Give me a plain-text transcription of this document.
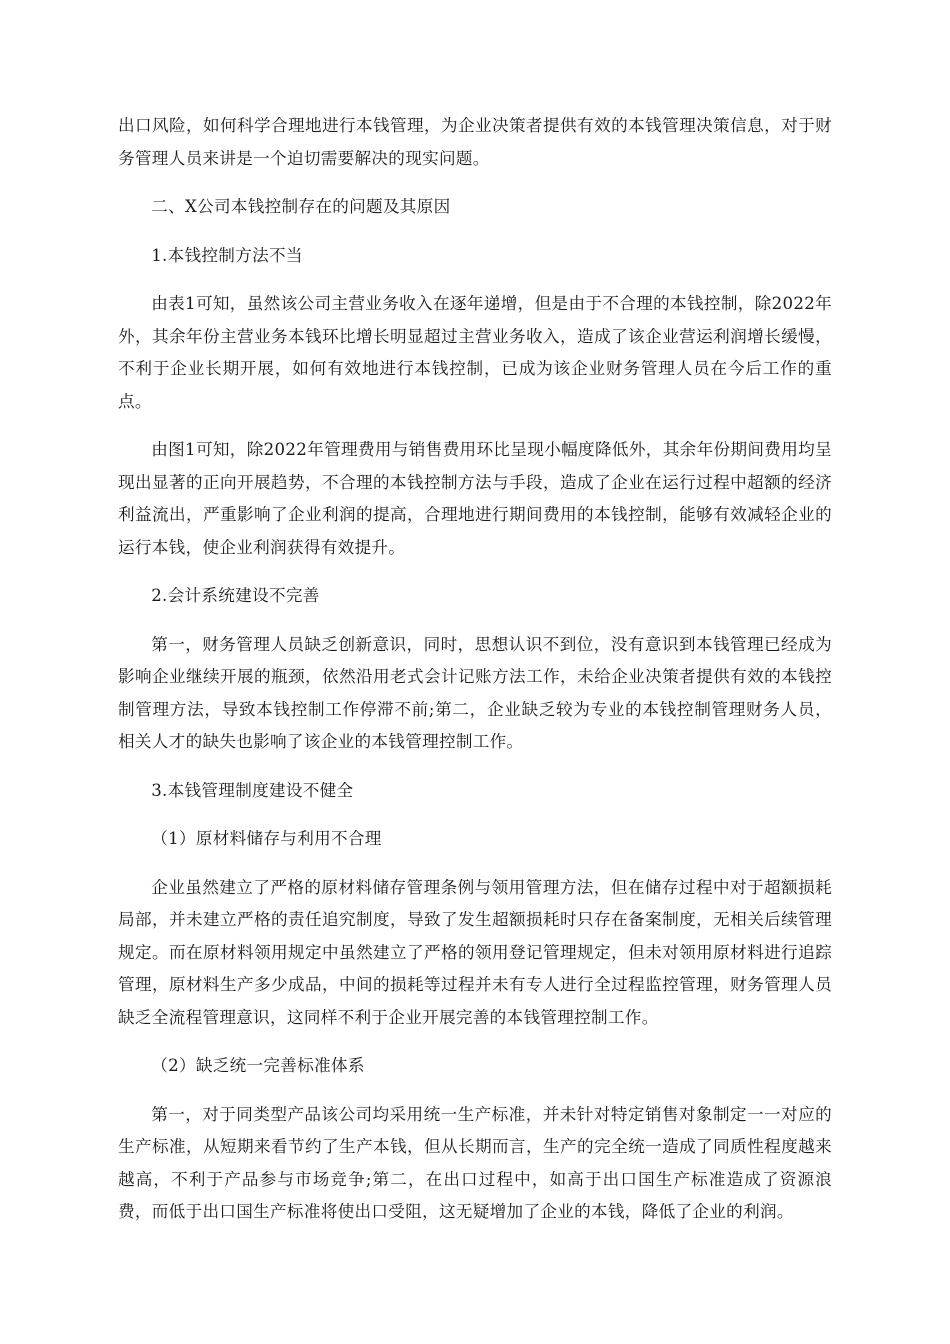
出口风险，如何科学合理地进行本钱管理，为企业决策者提供有效的本钱管理决策信息，对于财务管理人员来讲是一个迫切需要解决的现实问题。

二、X公司本钱控制存在的问题及其原因

1.本钱控制方法不当

由表1可知，虽然该公司主营业务收入在逐年递增，但是由于不合理的本钱控制，除2022年外，其余年份主营业务本钱环比增长明显超过主营业务收入，造成了该企业营运利润增长缓慢，不利于企业长期开展，如何有效地进行本钱控制，已成为该企业财务管理人员在今后工作的重点。

由图1可知，除2022年管理费用与销售费用环比呈现小幅度降低外，其余年份期间费用均呈现出显著的正向开展趋势，不合理的本钱控制方法与手段，造成了企业在运行过程中超额的经济利益流出，严重影响了企业利润的提高，合理地进行期间费用的本钱控制，能够有效减轻企业的运行本钱，使企业利润获得有效提升。

2.会计系统建设不完善

第一，财务管理人员缺乏创新意识，同时，思想认识不到位，没有意识到本钱管理已经成为影响企业继续开展的瓶颈，依然沿用老式会计记账方法工作，未给企业决策者提供有效的本钱控制管理方法，导致本钱控制工作停滞不前;第二，企业缺乏较为专业的本钱控制管理财务人员，相关人才的缺失也影响了该企业的本钱管理控制工作。

3.本钱管理制度建设不健全

（1）原材料储存与利用不合理

企业虽然建立了严格的原材料储存管理条例与领用管理方法，但在储存过程中对于超额损耗局部，并未建立严格的责任追究制度，导致了发生超额损耗时只存在备案制度，无相关后续管理规定。而在原材料领用规定中虽然建立了严格的领用登记管理规定，但未对领用原材料进行追踪管理，原材料生产多少成品，中间的损耗等过程并未有专人进行全过程监控管理，财务管理人员缺乏全流程管理意识，这同样不利于企业开展完善的本钱管理控制工作。

（2）缺乏统一完善标准体系

第一，对于同类型产品该公司均采用统一生产标准，并未针对特定销售对象制定一一对应的生产标准，从短期来看节约了生产本钱，但从长期而言，生产的完全统一造成了同质性程度越来越高，不利于产品参与市场竞争;第二，在出口过程中，如高于出口国生产标准造成了资源浪费，而低于出口国生产标准将使出口受阻，这无疑增加了企业的本钱，降低了企业的利润。
